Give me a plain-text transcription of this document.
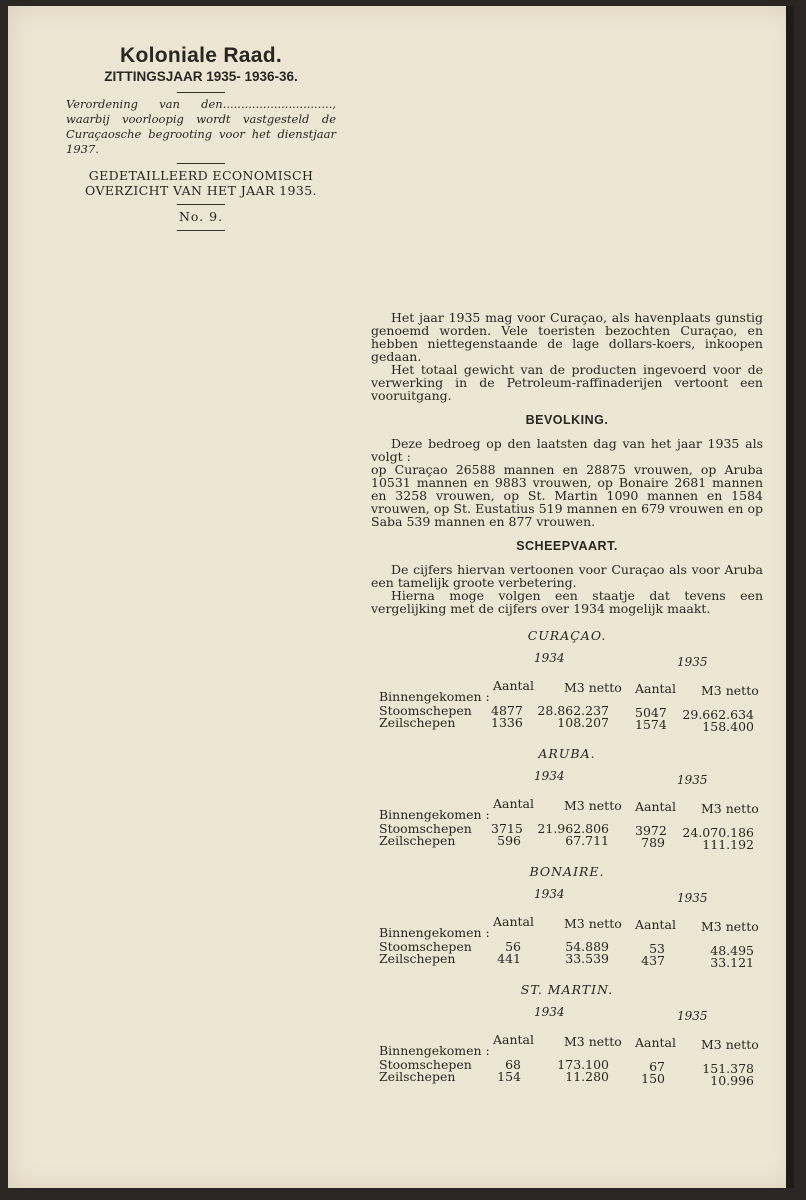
Koloniale Raad.

ZITTINGSJAAR 1935- 1936-36.

Verordening van den.............................., waarbij voorloopig wordt vastgesteld de Curaçaosche begrooting voor het dienstjaar 1937.

GEDETAILLEERD ECONOMISCH OVERZICHT VAN HET JAAR 1935.

No. 9.

Het jaar 1935 mag voor Curaçao, als havenplaats gunstig genoemd worden. Vele toeristen bezochten Curaçao, en hebben niettegenstaande de lage dollars-koers, inkoopen gedaan.

Het totaal gewicht van de producten ingevoerd voor de verwerking in de Petroleum-raffinaderijen vertoont een vooruitgang.

BEVOLKING.

Deze bedroeg op den laatsten dag van het jaar 1935 als volgt :

op Curaçao 26588 mannen en 28875 vrouwen, op Aruba 10531 mannen en 9883 vrouwen, op Bonaire 2681 mannen en 3258 vrouwen, op St. Martin 1090 mannen en 1584 vrouwen, op St. Eustatius 519 mannen en 679 vrouwen en op Saba 539 mannen en 877 vrouwen.

SCHEEPVAART.

De cijfers hiervan vertoonen voor Curaçao als voor Aruba een tamelijk groote verbetering.

Hierna moge volgen een staatje dat tevens een vergelijking met de cijfers over 1934 mogelijk maakt.

CURAÇAO.
1934	1935
Aantal M3 netto Aantal M3 netto
Binnengekomen :
Stoomschepen 4877	28.862.237 5047	29.662.634
Zeilschepen	1336	108.207 1574	158.400
ARUBA.
1934	1935
Aantal M3 netto Aantal M3 netto
Binnengekomen :
Stoomschepen 3715	21.962.806 3972	24.070.186
Zeilschepen	596	67.711	789	111.192
BONAIRE.
1934	1935
Aantal M3 netto Aantal M3 netto
Binnengekomen :
Stoomschepen	56	54.889	53	48.495
Zeilschepen	441	33.539	437	33.121
ST. MARTIN.
1934	1935
Aantal M3 netto Aantal M3 netto
Binnengekomen :
Stoomschepen	68	173.100	67	151.378
Zeilschepen	154	11.280	150	10.996
